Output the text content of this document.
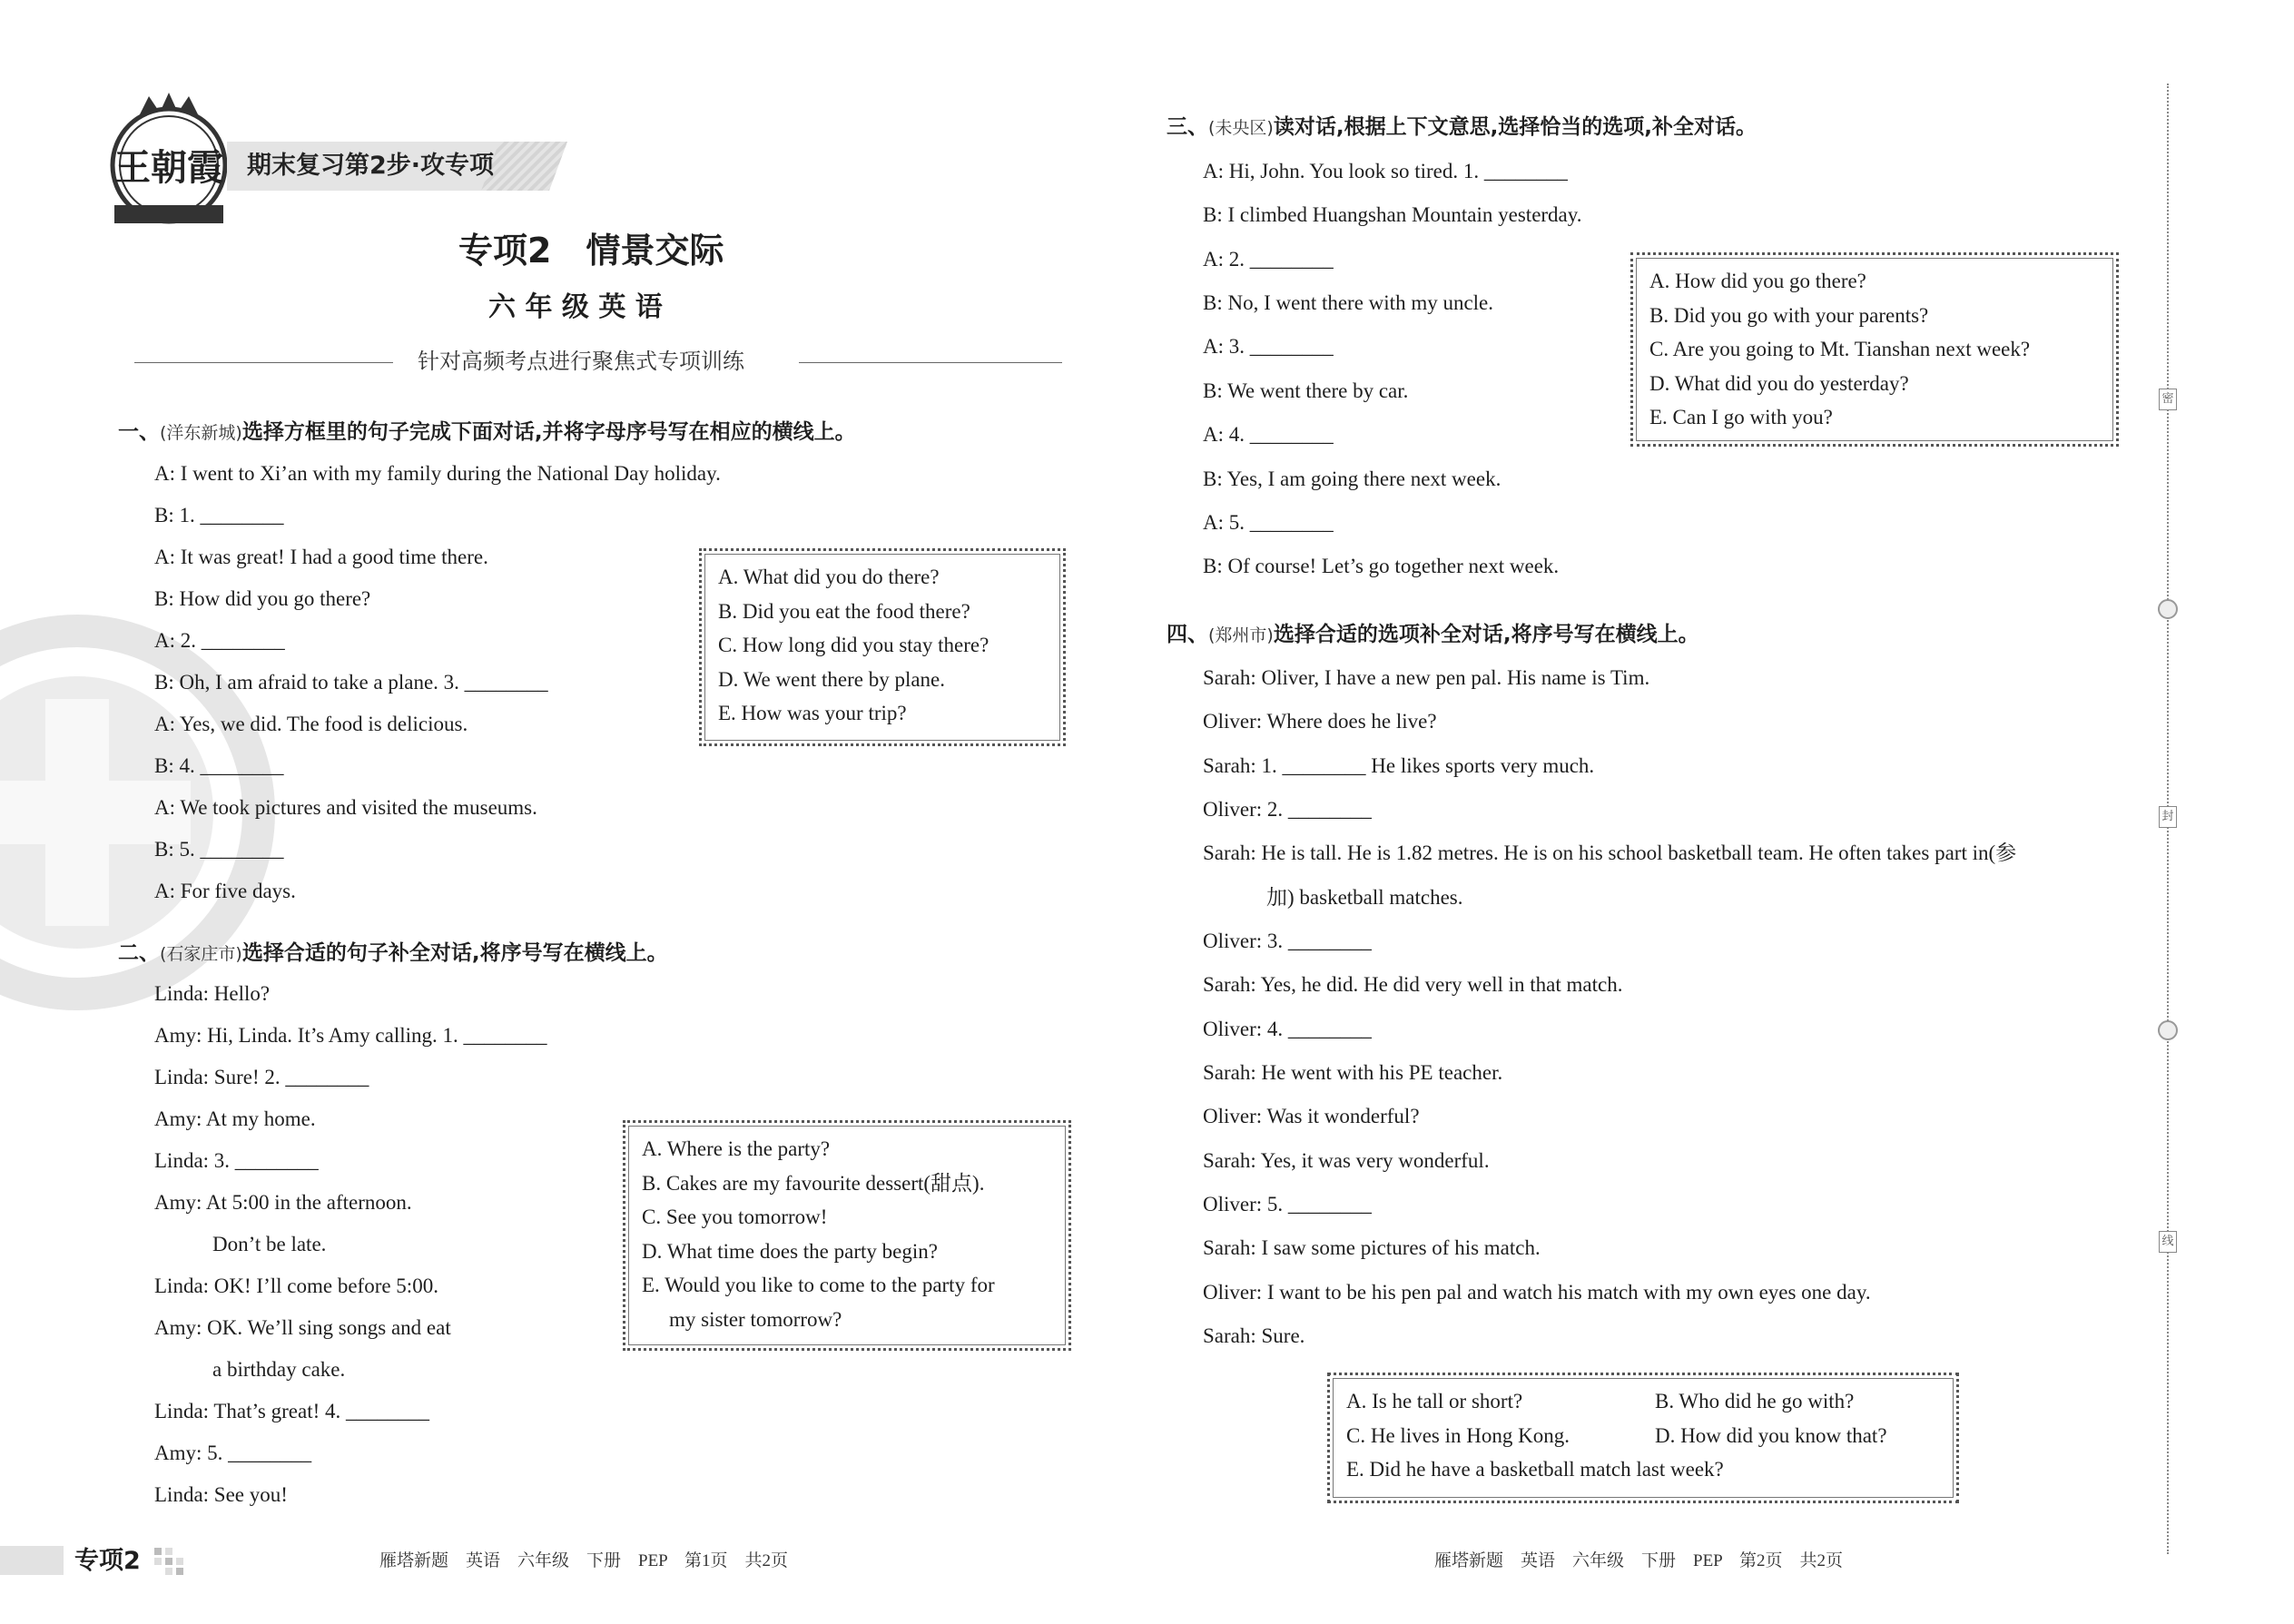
王朝霞 期末复习第2步·攻专项
专项2　情景交际
六 年 级 英 语
针对高频考点进行聚焦式专项训练
一、(洋东新城)选择方框里的句子完成下面对话,并将字母序号写在相应的横线上。
A: I went to Xi’an with my family during the National Day holiday.
B: 1. ________
A: It was great! I had a good time there.
B: How did you go there?
A: 2. ________
B: Oh, I am afraid to take a plane. 3. ________
A: Yes, we did. The food is delicious.
B: 4. ________
A: We took pictures and visited the museums.
B: 5. ________
A: For five days.
A. What did you do there?
B. Did you eat the food there?
C. How long did you stay there?
D. We went there by plane.
E. How was your trip?
二、(石家庄市)选择合适的句子补全对话,将序号写在横线上。
Linda: Hello?
Amy: Hi, Linda. It’s Amy calling. 1. ________
Linda: Sure! 2. ________
Amy: At my home.
Linda: 3. ________
Amy: At 5:00 in the afternoon.
Don’t be late.
Linda: OK! I’ll come before 5:00.
Amy: OK. We’ll sing songs and eat
a birthday cake.
Linda: That’s great! 4. ________
Amy: 5. ________
Linda: See you!
A. Where is the party?
B. Cakes are my favourite dessert(甜点).
C. See you tomorrow!
D. What time does the party begin?
E. Would you like to come to the party for
my sister tomorrow?
三、(未央区)读对话,根据上下文意思,选择恰当的选项,补全对话。
A: Hi, John. You look so tired. 1. ________
B: I climbed Huangshan Mountain yesterday.
A: 2. ________
B: No, I went there with my uncle.
A: 3. ________
B: We went there by car.
A: 4. ________
B: Yes, I am going there next week.
A: 5. ________
B: Of course! Let’s go together next week.
A. How did you go there?
B. Did you go with your parents?
C. Are you going to Mt. Tianshan next week?
D. What did you do yesterday?
E. Can I go with you?
四、(郑州市)选择合适的选项补全对话,将序号写在横线上。
Sarah: Oliver, I have a new pen pal. His name is Tim.
Oliver: Where does he live?
Sarah: 1. ________ He likes sports very much.
Oliver: 2. ________
Sarah: He is tall. He is 1.82 metres. He is on his school basketball team. He often takes part in(参
加) basketball matches.
Oliver: 3. ________
Sarah: Yes, he did. He did very well in that match.
Oliver: 4. ________
Sarah: He went with his PE teacher.
Oliver: Was it wonderful?
Sarah: Yes, it was very wonderful.
Oliver: 5. ________
Sarah: I saw some pictures of his match.
Oliver: I want to be his pen pal and watch his match with my own eyes one day.
Sarah: Sure.
A. Is he tall or short?	B. Who did he go with?
C. He lives in Hong Kong.	D. How did you know that?
E. Did he have a basketball match last week?
密
封
线
专项2	雁塔新题　英语　六年级　下册　PEP　第1页　共2页	雁塔新题　英语　六年级　下册　PEP　第2页　共2页
